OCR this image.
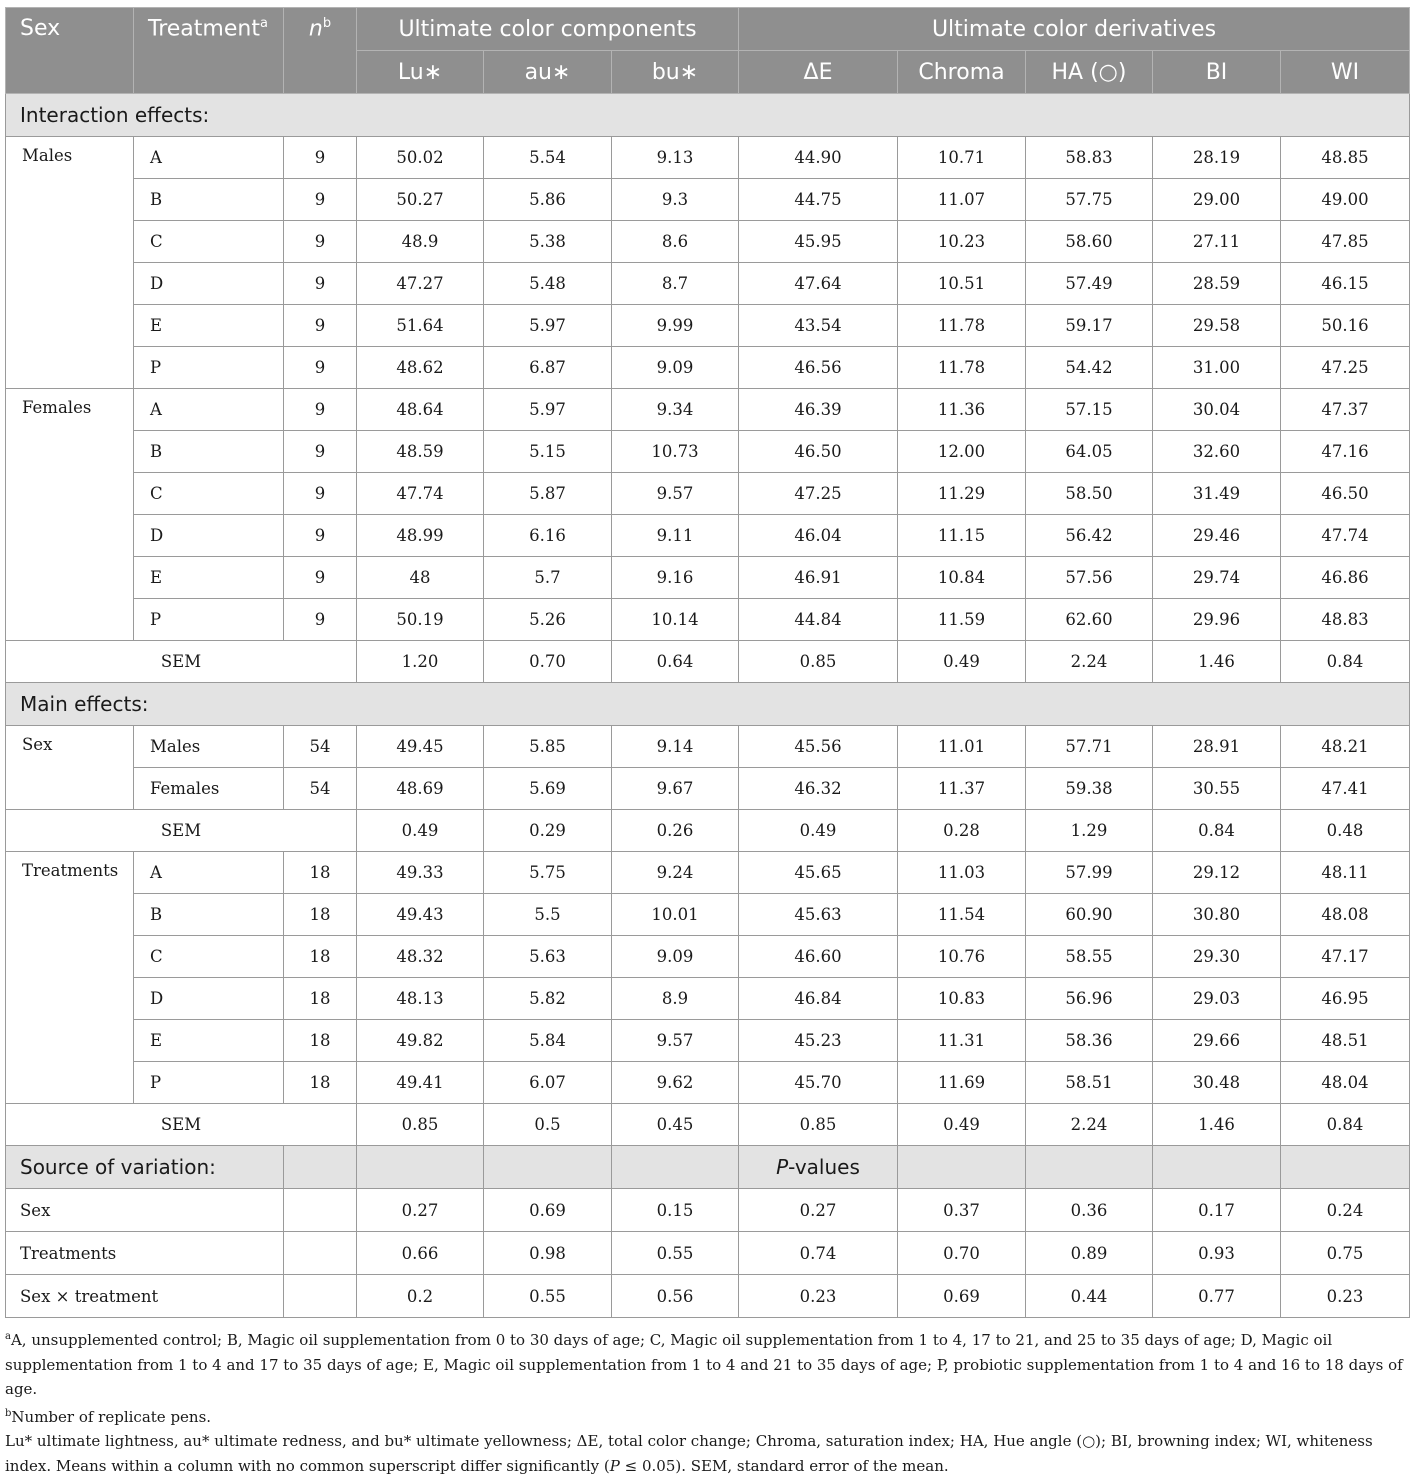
Sex	Treatment$^a$	$n^b$	Ultimate color components			Ultimate color derivatives				
			Lu∗	au∗	bu∗	ΔE	Chroma	HA (○)	BI	WI
Interaction effects:										
Males	A	9	50.02	5.54	9.13	44.90	10.71	58.83	28.19	48.85
	B	9	50.27	5.86	9.3	44.75	11.07	57.75	29.00	49.00
	C	9	48.9	5.38	8.6	45.95	10.23	58.60	27.11	47.85
	D	9	47.27	5.48	8.7	47.64	10.51	57.49	28.59	46.15
	E	9	51.64	5.97	9.99	43.54	11.78	59.17	29.58	50.16
	P	9	48.62	6.87	9.09	46.56	11.78	54.42	31.00	47.25
Females	A	9	48.64	5.97	9.34	46.39	11.36	57.15	30.04	47.37
	B	9	48.59	5.15	10.73	46.50	12.00	64.05	32.60	47.16
	C	9	47.74	5.87	9.57	47.25	11.29	58.50	31.49	46.50
	D	9	48.99	6.16	9.11	46.04	11.15	56.42	29.46	47.74
	E	9	48	5.7	9.16	46.91	10.84	57.56	29.74	46.86
	P	9	50.19	5.26	10.14	44.84	11.59	62.60	29.96	48.83
SEM			1.20	0.70	0.64	0.85	0.49	2.24	1.46	0.84
Main effects:										
Sex	Males	54	49.45	5.85	9.14	45.56	11.01	57.71	28.91	48.21
	Females	54	48.69	5.69	9.67	46.32	11.37	59.38	30.55	47.41
SEM			0.49	0.29	0.26	0.49	0.28	1.29	0.84	0.48
Treatments	A	18	49.33	5.75	9.24	45.65	11.03	57.99	29.12	48.11
	B	18	49.43	5.5	10.01	45.63	11.54	60.90	30.80	48.08
	C	18	48.32	5.63	9.09	46.60	10.76	58.55	29.30	47.17
	D	18	48.13	5.82	8.9	46.84	10.83	56.96	29.03	46.95
	E	18	49.82	5.84	9.57	45.23	11.31	58.36	29.66	48.51
	P	18	49.41	6.07	9.62	45.70	11.69	58.51	30.48	48.04
SEM			0.85	0.5	0.45	0.85	0.49	2.24	1.46	0.84
Source of variation:						P-values				
Sex			0.27	0.69	0.15	0.27	0.37	0.36	0.17	0.24
Treatments			0.66	0.98	0.55	0.74	0.70	0.89	0.93	0.75
Sex × treatment			0.2	0.55	0.56	0.23	0.69	0.44	0.77	0.23

$^a$A, unsupplemented control; B, Magic oil supplementation from 0 to 30 days of age; C, Magic oil supplementation from 1 to 4, 17 to 21, and 25 to 35 days of age; D, Magic oil supplementation from 1 to 4 and 17 to 35 days of age; E, Magic oil supplementation from 1 to 4 and 21 to 35 days of age; P, probiotic supplementation from 1 to 4 and 16 to 18 days of age.

$^b$Number of replicate pens.

Lu* ultimate lightness, au* ultimate redness, and bu* ultimate yellowness; ΔE, total color change; Chroma, saturation index; HA, Hue angle (○); BI, browning index; WI, whiteness index. Means within a column with no common superscript differ significantly (P ≤ 0.05). SEM, standard error of the mean.
